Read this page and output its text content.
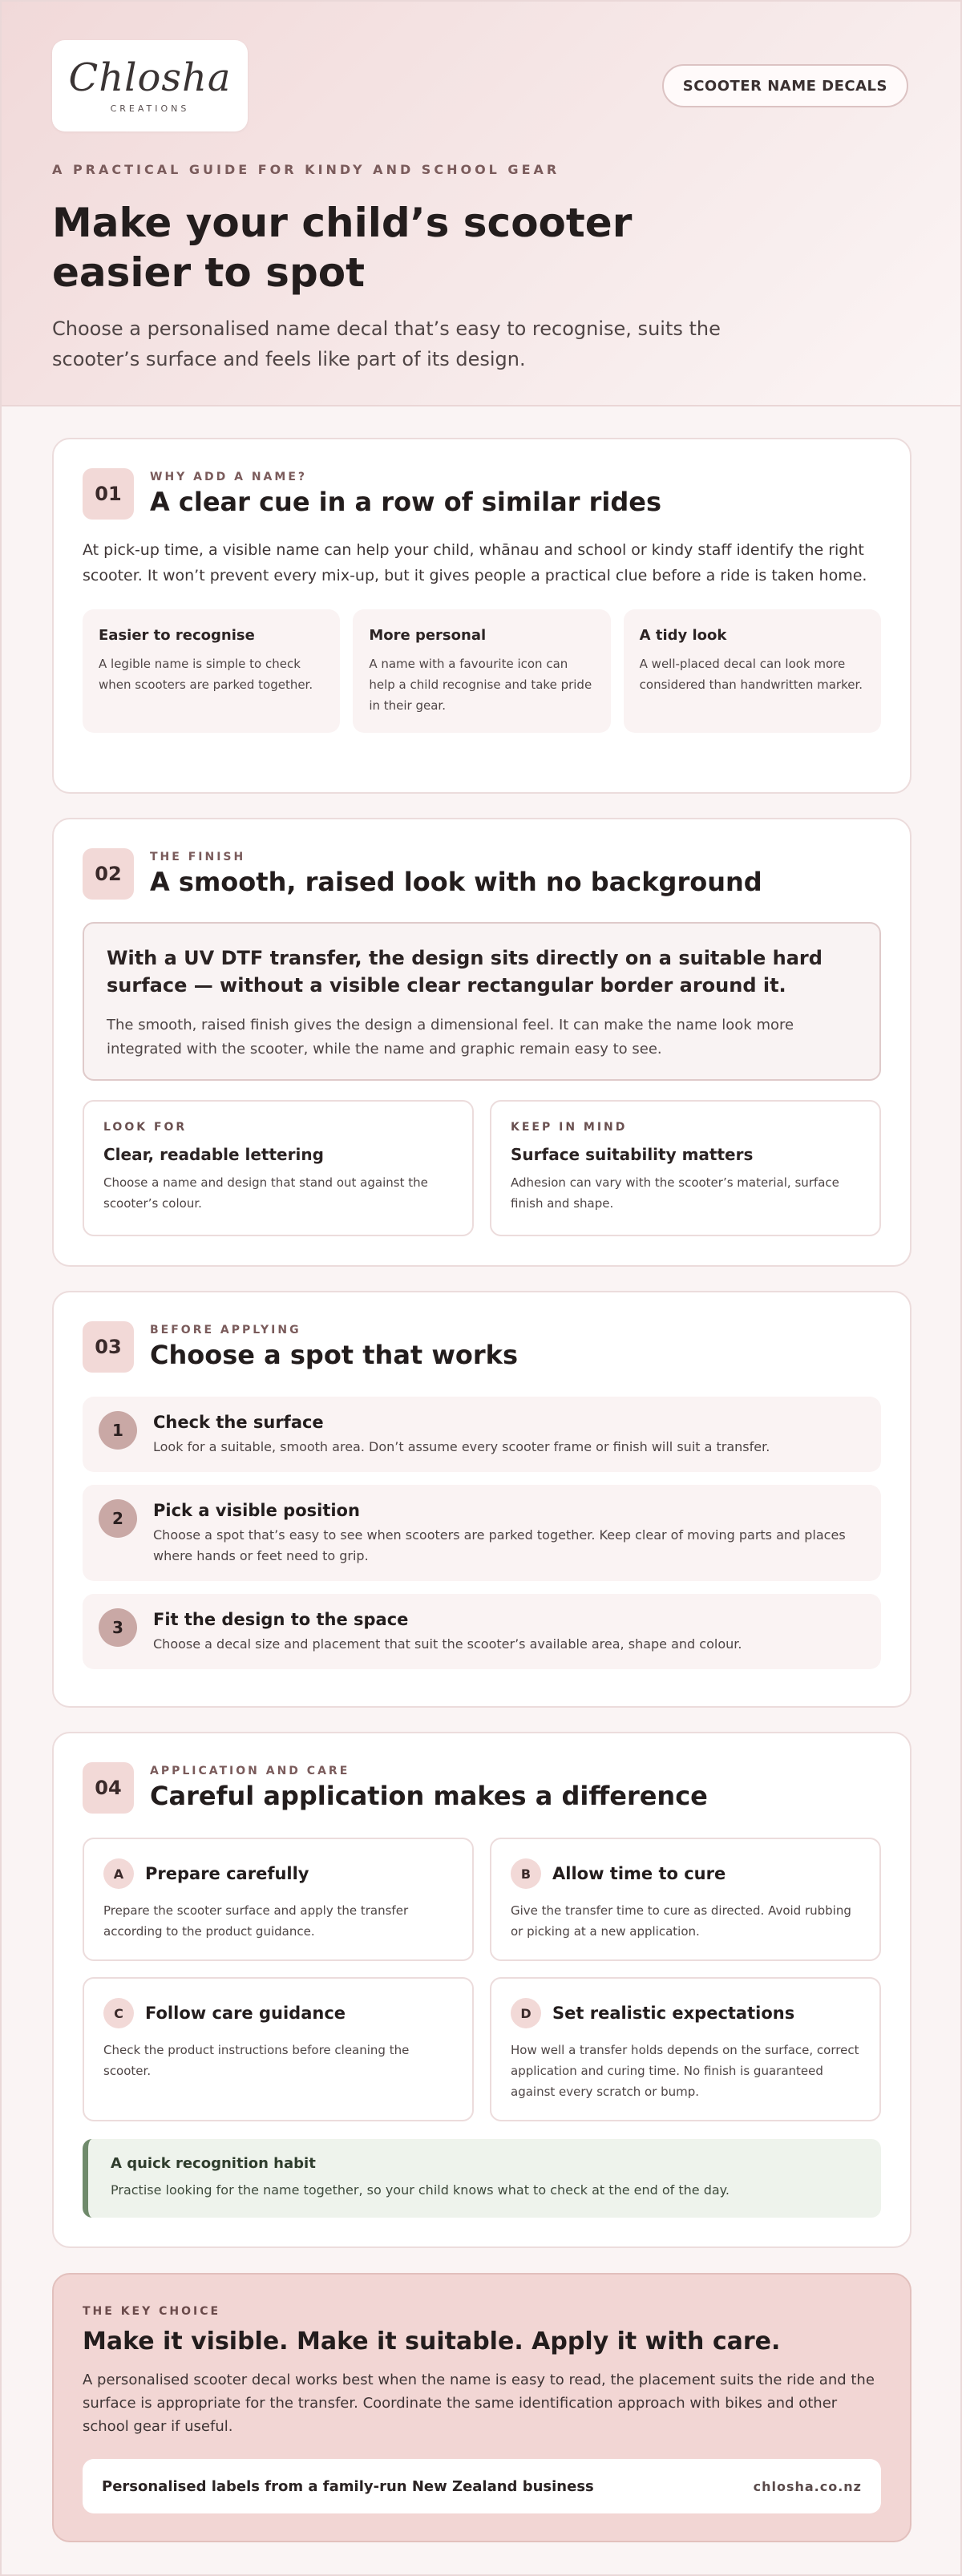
Chlosha
CREATIONS
SCOOTER NAME DECALS
A PRACTICAL GUIDE FOR KINDY AND SCHOOL GEAR
Make your child’s scooter easier to spot

Choose a personalised name decal that’s easy to recognise, suits the scooter’s surface and feels like part of its design.

01
WHY ADD A NAME?
A clear cue in a row of similar rides

At pick-up time, a visible name can help your child, whānau and school or kindy staff identify the right scooter. It won’t prevent every mix-up, but it gives people a practical clue before a ride is taken home.

Easier to recognise

A legible name is simple to check when scooters are parked together.

More personal

A name with a favourite icon can help a child recognise and take pride in their gear.

A tidy look

A well-placed decal can look more considered than handwritten marker.

02
THE FINISH
A smooth, raised look with no background
With a UV DTF transfer, the design sits directly on a suitable hard surface — without a visible clear rectangular border around it.

The smooth, raised finish gives the design a dimensional feel. It can make the name look more integrated with the scooter, while the name and graphic remain easy to see.

LOOK FOR
Clear, readable lettering

Choose a name and design that stand out against the scooter’s colour.

KEEP IN MIND
Surface suitability matters

Adhesion can vary with the scooter’s material, surface finish and shape.

03
BEFORE APPLYING
Choose a spot that works
1	Check the surface

Look for a suitable, smooth area. Don’t assume every scooter frame or finish will suit a transfer.

2	Pick a visible position

Choose a spot that’s easy to see when scooters are parked together. Keep clear of moving parts and places where hands or feet need to grip.

3	Fit the design to the space

Choose a decal size and placement that suit the scooter’s available area, shape and colour.

04
APPLICATION AND CARE
Careful application makes a difference
A	Prepare carefully

Prepare the scooter surface and apply the transfer according to the product guidance.

B	Allow time to cure

Give the transfer time to cure as directed. Avoid rubbing or picking at a new application.

C	Follow care guidance

Check the product instructions before cleaning the scooter.

D	Set realistic expectations

How well a transfer holds depends on the surface, correct application and curing time. No finish is guaranteed against every scratch or bump.

A quick recognition habit

Practise looking for the name together, so your child knows what to check at the end of the day.

THE KEY CHOICE
Make it visible. Make it suitable. Apply it with care.

A personalised scooter decal works best when the name is easy to read, the placement suits the ride and the surface is appropriate for the transfer. Coordinate the same identification approach with bikes and other school gear if useful.

Personalised labels from a family-run New Zealand business	chlosha.co.nz
